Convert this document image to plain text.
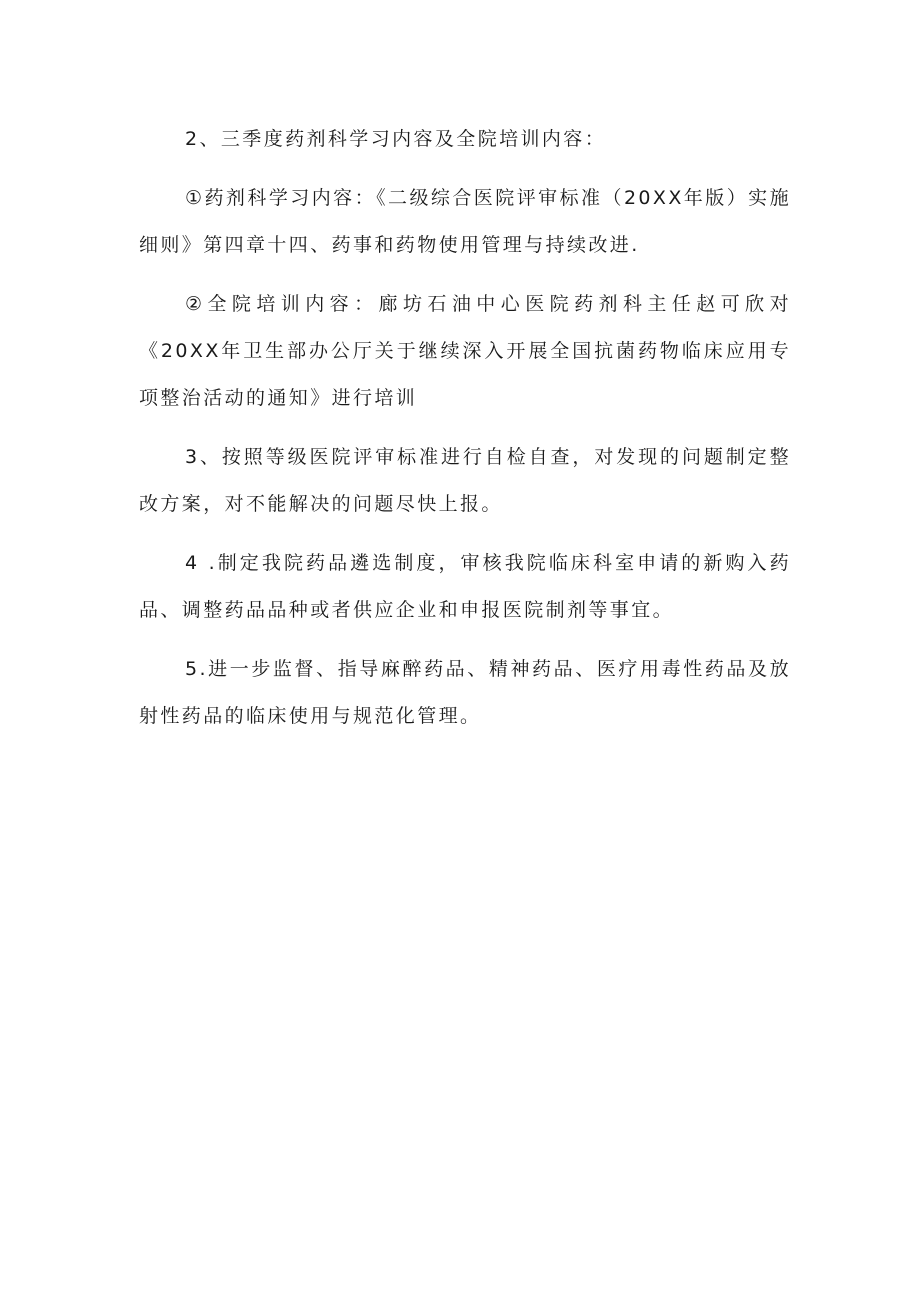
2、三季度药剂科学习内容及全院培训内容：

①药剂科学习内容：《二级综合医院评审标准（20XX年版）实施细则》第四章十四、药事和药物使用管理与持续改进.

②全院培训内容：廊坊石油中心医院药剂科主任赵可欣对《20XX年卫生部办公厅关于继续深入开展全国抗菌药物临床应用专项整治活动的通知》进行培训

3、按照等级医院评审标准进行自检自查，对发现的问题制定整改方案，对不能解决的问题尽快上报。

4 .制定我院药品遴选制度，审核我院临床科室申请的新购入药品、调整药品品种或者供应企业和申报医院制剂等事宜。

5.进一步监督、指导麻醉药品、精神药品、医疗用毒性药品及放射性药品的临床使用与规范化管理。
